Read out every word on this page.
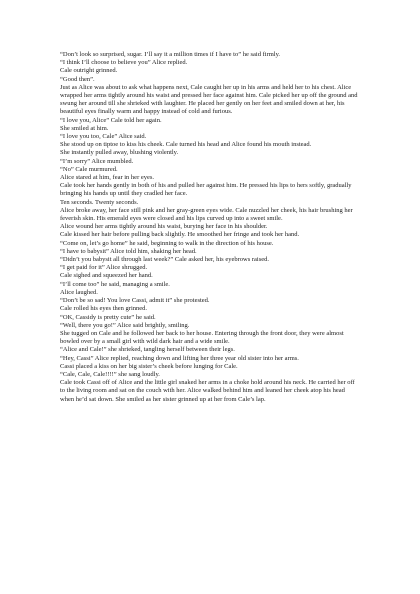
“Don’t look so surprised, sugar. I’ll say it a million times if I have to” he said firmly.

“I think I’ll choose to believe you” Alice replied.

Cale outright grinned.

“Good then”.

Just as Alice was about to ask what happens next, Cale caught her up in his arms and held her to his chest. Alice wrapped her arms tightly around his waist and pressed her face against him. Cale picked her up off the ground and swung her around till she shrieked with laughter. He placed her gently on her feet and smiled down at her, his beautiful eyes finally warm and happy instead of cold and furious.

“I love you, Alice” Cale told her again.

She smiled at him.

“I love you too, Cale” Alice said.

She stood up on tiptoe to kiss his cheek. Cale turned his head and Alice found his mouth instead.

She instantly pulled away, blushing violently.

“I’m sorry” Alice mumbled.

“No” Cale murmured.

Alice stared at him, fear in her eyes.

Cale took her hands gently in both of his and pulled her against him. He pressed his lips to hers softly, gradually bringing his hands up until they cradled her face.

Ten seconds. Twenty seconds.

Alice broke away, her face still pink and her gray-green eyes wide. Cale nuzzled her cheek, his hair brushing her feverish skin. His emerald eyes were closed and his lips curved up into a sweet smile.

Alice wound her arms tightly around his waist, burying her face in his shoulder.

Cale kissed her hair before pulling back slightly. He smoothed her fringe and took her hand.

“Come on, let’s go home” he said, beginning to walk in the direction of his house.

“I have to babysit” Alice told him, shaking her head.

“Didn’t you babysit all through last week?” Cale asked her, his eyebrows raised.

“I get paid for it” Alice shrugged.

Cale sighed and squeezed her hand.

“I’ll come too” he said, managing a smile.

Alice laughed.

“Don’t be so sad! You love Cassi, admit it” she protested.

Cale rolled his eyes then grinned.

“OK, Cassidy is pretty cute” he said.

“Well, there you go!” Alice said brightly, smiling.

She tugged on Cale and he followed her back to her house. Entering through the front door, they were almost bowled over by a small girl with wild dark hair and a wide smile.

“Alice and Cale!” she shrieked, tangling herself between their legs.

“Hey, Cassi” Alice replied, reaching down and lifting her three year old sister into her arms.

Cassi placed a kiss on her big sister’s cheek before lunging for Cale.

“Cale, Cale, Cale!!!!” she sang loudly.

Cale took Cassi off of Alice and the little girl snaked her arms in a choke hold around his neck. He carried her off to the living room and sat on the couch with her. Alice walked behind him and leaned her cheek atop his head when he’d sat down. She smiled as her sister grinned up at her from Cale’s lap.
